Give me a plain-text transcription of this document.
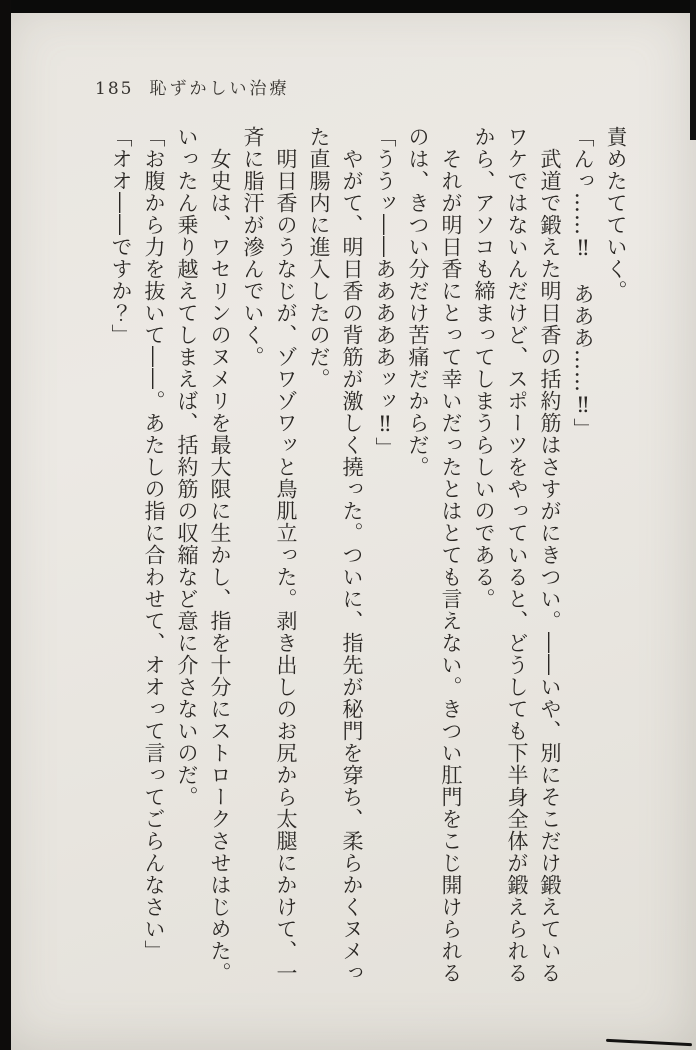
185 恥ずかしい治療

責めたてていく。

「んっ……‼　あああ……‼」

武道で鍛えた明日香の括約筋はさすがにきつい。――いや、別にそこだけ鍛えているワケではないんだけど、スポーツをやっていると、どうしても下半身全体が鍛えられるから、アソコも締まってしまうらしいのである。

それが明日香にとって幸いだったとはとても言えない。きつい肛門をこじ開けられるのは、きつい分だけ苦痛だからだ。

「ううッ――あああああッッ‼」

やがて、明日香の背筋が激しく撓った。ついに、指先が秘門を穿ち、柔らかくヌメった直腸内に進入したのだ。

明日香のうなじが、ゾワゾワッと鳥肌立った。剥き出しのお尻から太腿にかけて、一斉に脂汗が滲んでいく。

女史は、ワセリンのヌメリを最大限に生かし、指を十分にストロークさせはじめた。いったん乗り越えてしまえば、括約筋の収縮など意に介さないのだ。

「お腹から力を抜いて――。あたしの指に合わせて、オオって言ってごらんなさい」

「オオ――ですか？」
